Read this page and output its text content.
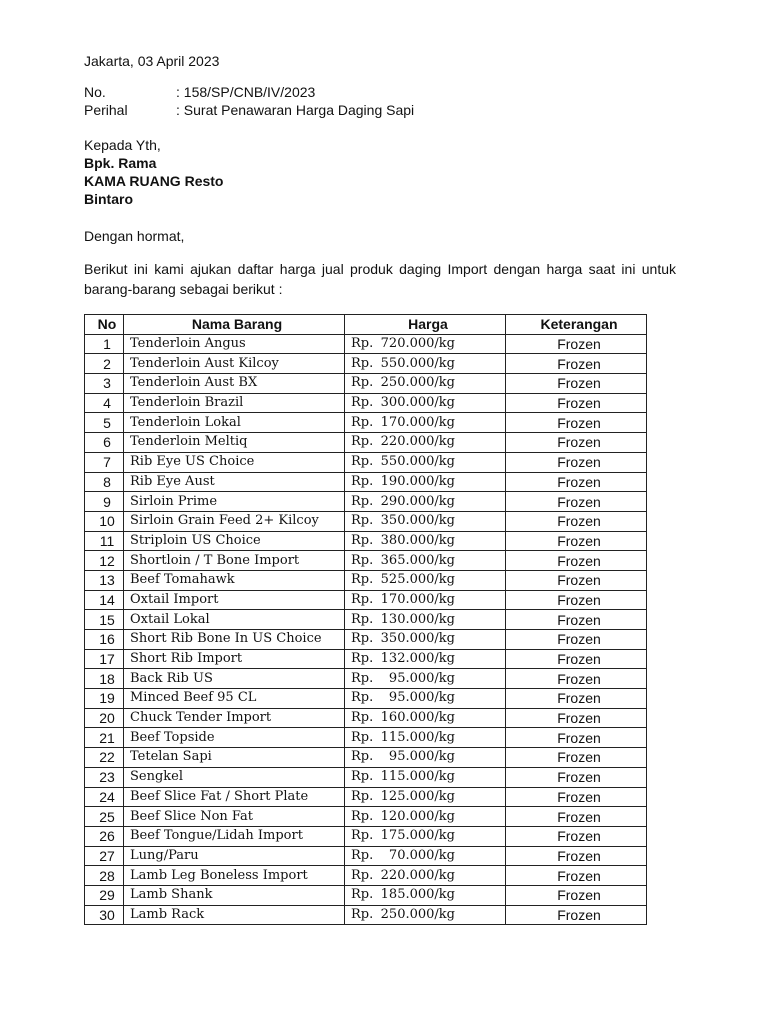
Jakarta, 03 April 2023
No.	: 158/SP/CNB/IV/2023
Perihal	: Surat Penawaran Harga Daging Sapi
Kepada Yth,
Bpk. Rama
KAMA RUANG Resto
Bintaro
Dengan hormat,
Berikut ini kami ajukan daftar harga jual produk daging Import dengan harga saat ini untuk barang-barang sebagai berikut :
No	Nama Barang	Harga	Keterangan
1	Tenderloin Angus	Rp. 720.000/kg	Frozen
2	Tenderloin Aust Kilcoy	Rp. 550.000/kg	Frozen
3	Tenderloin Aust BX	Rp. 250.000/kg	Frozen
4	Tenderloin Brazil	Rp. 300.000/kg	Frozen
5	Tenderloin Lokal	Rp. 170.000/kg	Frozen
6	Tenderloin Meltiq	Rp. 220.000/kg	Frozen
7	Rib Eye US Choice	Rp. 550.000/kg	Frozen
8	Rib Eye Aust	Rp. 190.000/kg	Frozen
9	Sirloin Prime	Rp. 290.000/kg	Frozen
10	Sirloin Grain Feed 2+ Kilcoy	Rp. 350.000/kg	Frozen
11	Striploin US Choice	Rp. 380.000/kg	Frozen
12	Shortloin / T Bone Import	Rp. 365.000/kg	Frozen
13	Beef Tomahawk	Rp. 525.000/kg	Frozen
14	Oxtail Import	Rp. 170.000/kg	Frozen
15	Oxtail Lokal	Rp. 130.000/kg	Frozen
16	Short Rib Bone In US Choice	Rp. 350.000/kg	Frozen
17	Short Rib Import	Rp. 132.000/kg	Frozen
18	Back Rib US	Rp. 95.000/kg	Frozen
19	Minced Beef 95 CL	Rp. 95.000/kg	Frozen
20	Chuck Tender Import	Rp. 160.000/kg	Frozen
21	Beef Topside	Rp. 115.000/kg	Frozen
22	Tetelan Sapi	Rp. 95.000/kg	Frozen
23	Sengkel	Rp. 115.000/kg	Frozen
24	Beef Slice Fat / Short Plate	Rp. 125.000/kg	Frozen
25	Beef Slice Non Fat	Rp. 120.000/kg	Frozen
26	Beef Tongue/Lidah Import	Rp. 175.000/kg	Frozen
27	Lung/Paru	Rp. 70.000/kg	Frozen
28	Lamb Leg Boneless Import	Rp. 220.000/kg	Frozen
29	Lamb Shank	Rp. 185.000/kg	Frozen
30	Lamb Rack	Rp. 250.000/kg	Frozen
